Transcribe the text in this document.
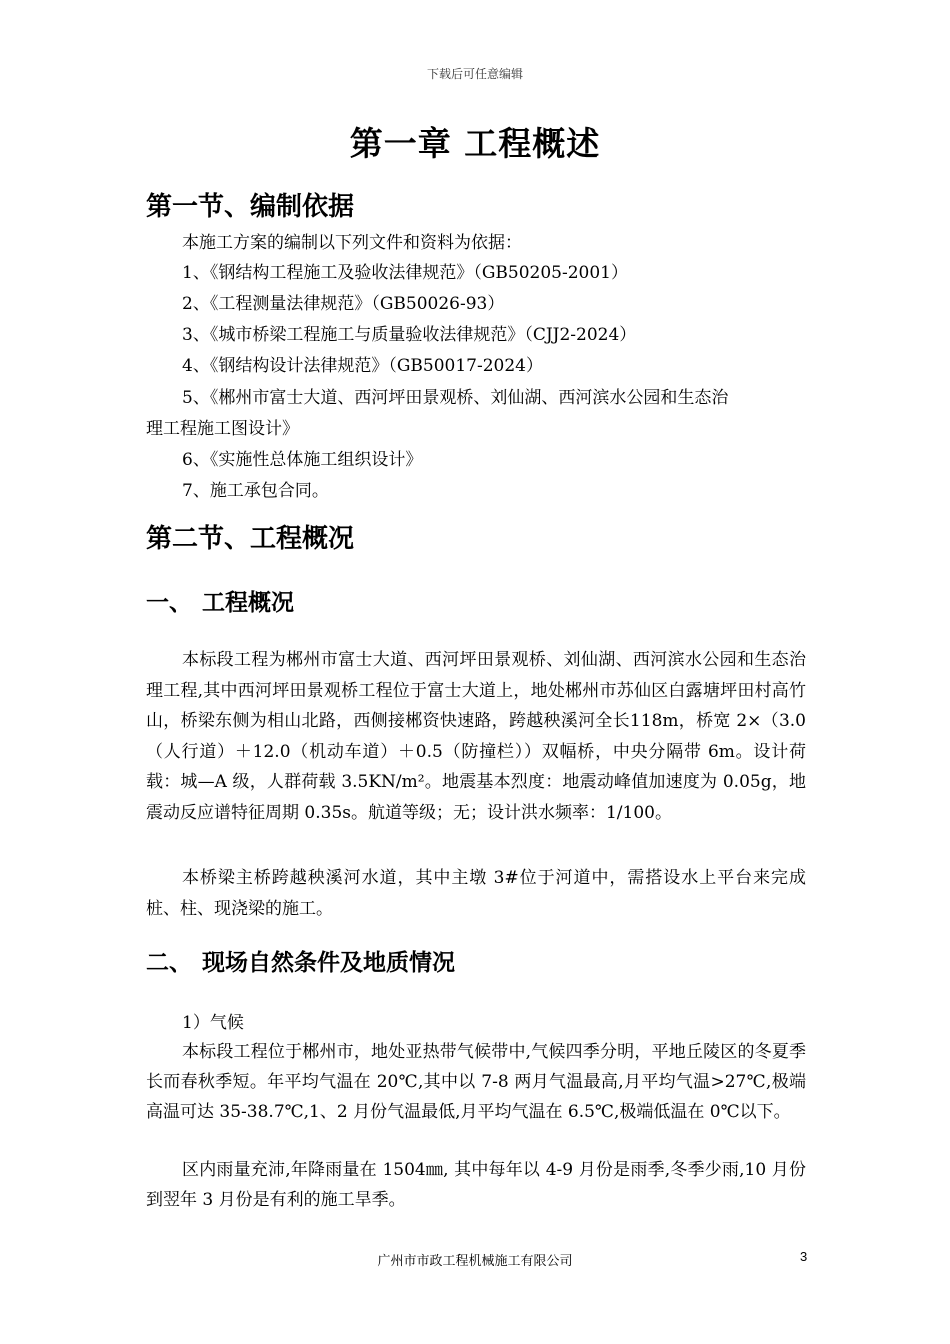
下载后可任意编辑
第一章 工程概述
第一节、编制依据
本施工方案的编制以下列文件和资料为依据：
1、《钢结构工程施工及验收法律规范》（GB50205-2001）
2、《工程测量法律规范》（GB50026-93）
3、《城市桥梁工程施工与质量验收法律规范》（CJJ2-2024）
4、《钢结构设计法律规范》（GB50017-2024）
5、《郴州市富士大道、西河坪田景观桥、刘仙湖、西河滨水公园和生态治
理工程施工图设计》
6、《实施性总体施工组织设计》
7、施工承包合同。
第二节、工程概况
一、 工程概况
本标段工程为郴州市富士大道、西河坪田景观桥、刘仙湖、西河滨水公园和生态治理工程,其中西河坪田景观桥工程位于富士大道上，地处郴州市苏仙区白露塘坪田村高竹山，桥梁东侧为相山北路，西侧接郴资快速路，跨越秧溪河全长118m，桥宽 2×（3.0（人行道）＋12.0（机动车道）＋0.5（防撞栏））双幅桥，中央分隔带 6m。设计荷载：城—A 级，人群荷载 3.5KN/m²。地震基本烈度：地震动峰值加速度为 0.05g，地震动反应谱特征周期 0.35s。航道等级；无；设计洪水频率：1/100。
本桥梁主桥跨越秧溪河水道，其中主墩 3#位于河道中，需搭设水上平台来完成桩、柱、现浇梁的施工。
二、 现场自然条件及地质情况
1）气候
本标段工程位于郴州市，地处亚热带气候带中,气候四季分明，平地丘陵区的冬夏季长而春秋季短。年平均气温在 20℃,其中以 7-8 两月气温最高,月平均气温>27℃,极端高温可达 35-38.7℃,1、2 月份气温最低,月平均气温在 6.5℃,极端低温在 0℃以下。
区内雨量充沛,年降雨量在 1504㎜, 其中每年以 4-9 月份是雨季,冬季少雨,10 月份到翌年 3 月份是有利的施工旱季。
广州市市政工程机械施工有限公司	3
